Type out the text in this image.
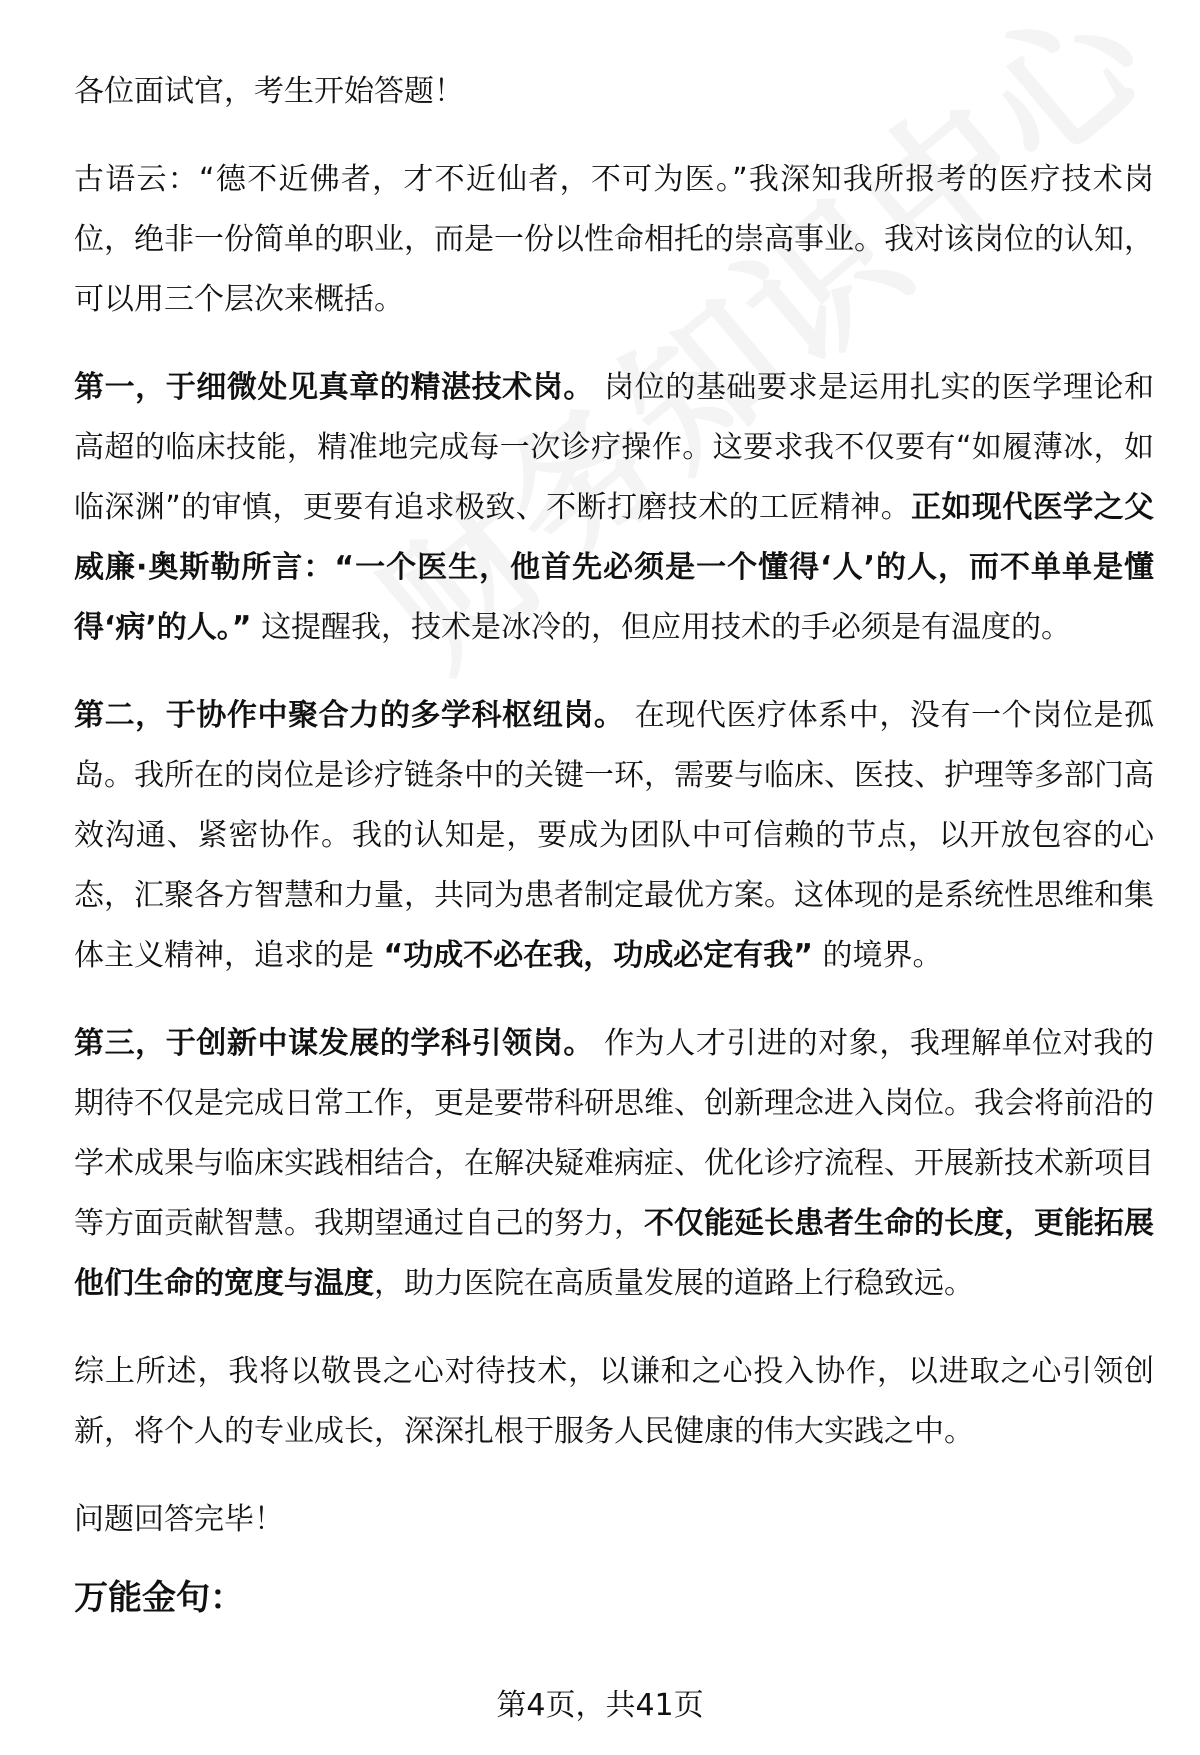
各位面试官，考生开始答题！

古语云：“德不近佛者，才不近仙者，不可为医。”我深知我所报考的医疗技术岗位，绝非一份简单的职业，而是一份以性命相托的崇高事业。我对该岗位的认知，可以用三个层次来概括。

第一，于细微处见真章的精湛技术岗。 岗位的基础要求是运用扎实的医学理论和高超的临床技能，精准地完成每一次诊疗操作。这要求我不仅要有“如履薄冰，如临深渊”的审慎，更要有追求极致、不断打磨技术的工匠精神。正如现代医学之父威廉·奥斯勒所言：“一个医生，他首先必须是一个懂得‘人’的人，而不单单是懂得‘病’的人。” 这提醒我，技术是冰冷的，但应用技术的手必须是有温度的。

第二，于协作中聚合力的多学科枢纽岗。 在现代医疗体系中，没有一个岗位是孤岛。我所在的岗位是诊疗链条中的关键一环，需要与临床、医技、护理等多部门高效沟通、紧密协作。我的认知是，要成为团队中可信赖的节点，以开放包容的心态，汇聚各方智慧和力量，共同为患者制定最优方案。这体现的是系统性思维和集体主义精神，追求的是 “功成不必在我，功成必定有我” 的境界。

第三，于创新中谋发展的学科引领岗。 作为人才引进的对象，我理解单位对我的期待不仅是完成日常工作，更是要带科研思维、创新理念进入岗位。我会将前沿的学术成果与临床实践相结合，在解决疑难病症、优化诊疗流程、开展新技术新项目等方面贡献智慧。我期望通过自己的努力，不仅能延长患者生命的长度，更能拓展他们生命的宽度与温度，助力医院在高质量发展的道路上行稳致远。

综上所述，我将以敬畏之心对待技术，以谦和之心投入协作，以进取之心引领创新，将个人的专业成长，深深扎根于服务人民健康的伟大实践之中。

问题回答完毕！

万能金句：
第4页，共41页
